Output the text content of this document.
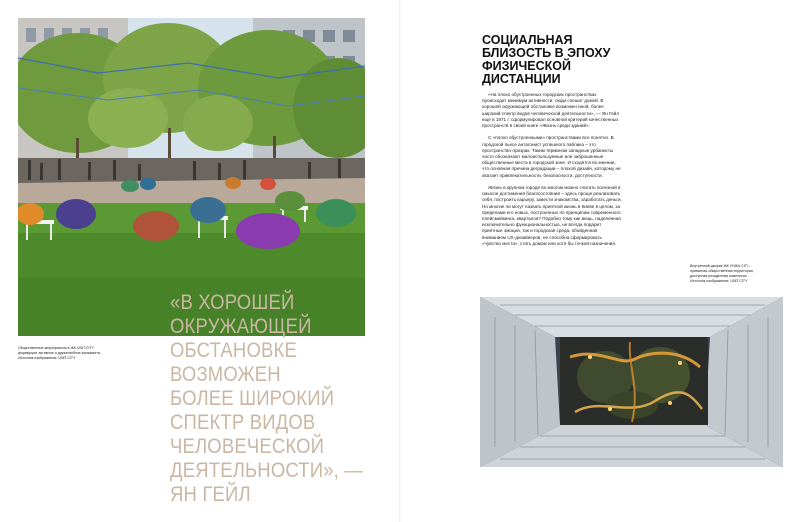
Общественные мероприятия в ЖК UNIT.CITY
формируют активное и дружелюбное комьюнити.
Источник изображения: UNIT.CITY
«В ХОРОШЕЙ
ОКРУЖАЮЩЕЙ
ОБСТАНОВКЕ
ВОЗМОЖЕН
БОЛЕЕ ШИРОКИЙ
СПЕКТР ВИДОВ
ЧЕЛОВЕЧЕСКОЙ
ДЕЯТЕЛЬНОСТИ», —
ЯН ГЕЙЛ
СОЦИАЛЬНАЯ
БЛИЗОСТЬ В ЭПОХУ
ФИЗИЧЕСКОЙ
ДИСТАНЦИИ

«На плохо обустроенных городских пространствах происходит минимум активности: люди спешат домой. В хорошей окружающей обстановке возможен иной, более широкий спектр видов человеческой деятельности», — Ян Гейл еще в 1971 г. сформулировал основной критерий качественных пространств в своей книге «Жизнь среди зданий».

С «плохо обустроенными» пространствами все понятно. В городской пьесе антагонист успешного паблика – это пространство-призрак. Таким термином западные урбанисты часто обозначают малоиспользуемые или заброшенные общественные места в городской зоне. И сходятся во мнении, что основная причина деградации – плохой дизайн, которому не хватает привлекательности, безопасности, доступности.

Жизнь в крупном городе во многом можно считать полезной в смысле достижения благосостояния – здесь проще реализовать себя, построить карьеру, завести знакомства, заработать деньги. Но многие ли могут назвать приятной жизнь в Киеве в целом, за пределами его новых, построенных по принципам современного плейсмейкинга, кварталов? Подобно тому как вещь, наделенная исключительно функциональностью, не всегда подарит приятные эмоции, так и городская среда, обойденная вниманием UX-дизайнеров, не способна сформировать «чувство места», стать домом или хотя бы точкой назначения.

Внутренний дворик ЖК УНІКА СІТІ –
приватная общественная территория,
доступная резидентам комплекса.
Источник изображения: UNIT.CITY
